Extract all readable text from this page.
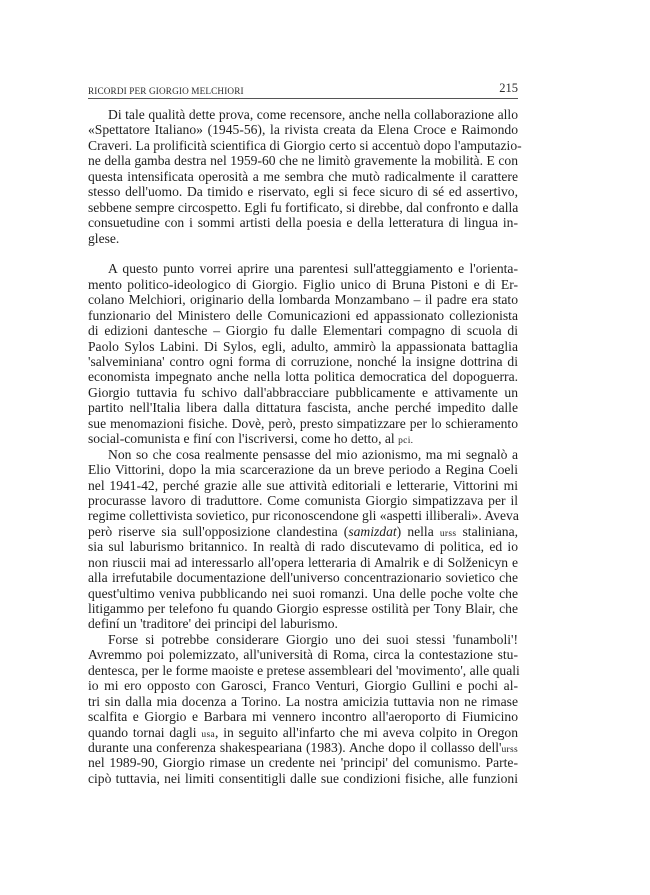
RICORDI PER GIORGIO MELCHIORI	215
Di tale qualità dette prova, come recensore, anche nella collaborazione allo
«Spettatore Italiano» (1945-56), la rivista creata da Elena Croce e Raimondo
Craveri. La prolificità scientifica di Giorgio certo si accentuò dopo l'amputazio-
ne della gamba destra nel 1959-60 che ne limitò gravemente la mobilità. E con
questa intensificata operosità a me sembra che mutò radicalmente il carattere
stesso dell'uomo. Da timido e riservato, egli si fece sicuro di sé ed assertivo,
sebbene sempre circospetto. Egli fu fortificato, si direbbe, dal confronto e dalla
consuetudine con i sommi artisti della poesia e della letteratura di lingua in-
glese.
A questo punto vorrei aprire una parentesi sull'atteggiamento e l'orienta-
mento politico-ideologico di Giorgio. Figlio unico di Bruna Pistoni e di Er-
colano Melchiori, originario della lombarda Monzambano – il padre era stato
funzionario del Ministero delle Comunicazioni ed appassionato collezionista
di edizioni dantesche – Giorgio fu dalle Elementari compagno di scuola di
Paolo Sylos Labini. Di Sylos, egli, adulto, ammirò la appassionata battaglia
'salveminiana' contro ogni forma di corruzione, nonché la insigne dottrina di
economista impegnato anche nella lotta politica democratica del dopoguerra.
Giorgio tuttavia fu schivo dall'abbracciare pubblicamente e attivamente un
partito nell'Italia libera dalla dittatura fascista, anche perché impedito dalle
sue menomazioni fisiche. Dovè, però, presto simpatizzare per lo schieramento
social-comunista e finí con l'iscriversi, come ho detto, al pci.
Non so che cosa realmente pensasse del mio azionismo, ma mi segnalò a
Elio Vittorini, dopo la mia scarcerazione da un breve periodo a Regina Coeli
nel 1941-42, perché grazie alle sue attività editoriali e letterarie, Vittorini mi
procurasse lavoro di traduttore. Come comunista Giorgio simpatizzava per il
regime collettivista sovietico, pur riconoscendone gli «aspetti illiberali». Aveva
però riserve sia sull'opposizione clandestina (samizdat) nella urss staliniana,
sia sul laburismo britannico. In realtà di rado discutevamo di politica, ed io
non riuscii mai ad interessarlo all'opera letteraria di Amalrik e di Solženicyn e
alla irrefutabile documentazione dell'universo concentrazionario sovietico che
quest'ultimo veniva pubblicando nei suoi romanzi. Una delle poche volte che
litigammo per telefono fu quando Giorgio espresse ostilità per Tony Blair, che
definí un 'traditore' dei principi del laburismo.
Forse si potrebbe considerare Giorgio uno dei suoi stessi 'funamboli'!
Avremmo poi polemizzato, all'università di Roma, circa la contestazione stu-
dentesca, per le forme maoiste e pretese assembleari del 'movimento', alle quali
io mi ero opposto con Garosci, Franco Venturi, Giorgio Gullini e pochi al-
tri sin dalla mia docenza a Torino. La nostra amicizia tuttavia non ne rimase
scalfita e Giorgio e Barbara mi vennero incontro all'aeroporto di Fiumicino
quando tornai dagli usa, in seguito all'infarto che mi aveva colpito in Oregon
durante una conferenza shakespeariana (1983). Anche dopo il collasso dell'urss
nel 1989-90, Giorgio rimase un credente nei 'principi' del comunismo. Parte-
cipò tuttavia, nei limiti consentitigli dalle sue condizioni fisiche, alle funzioni
